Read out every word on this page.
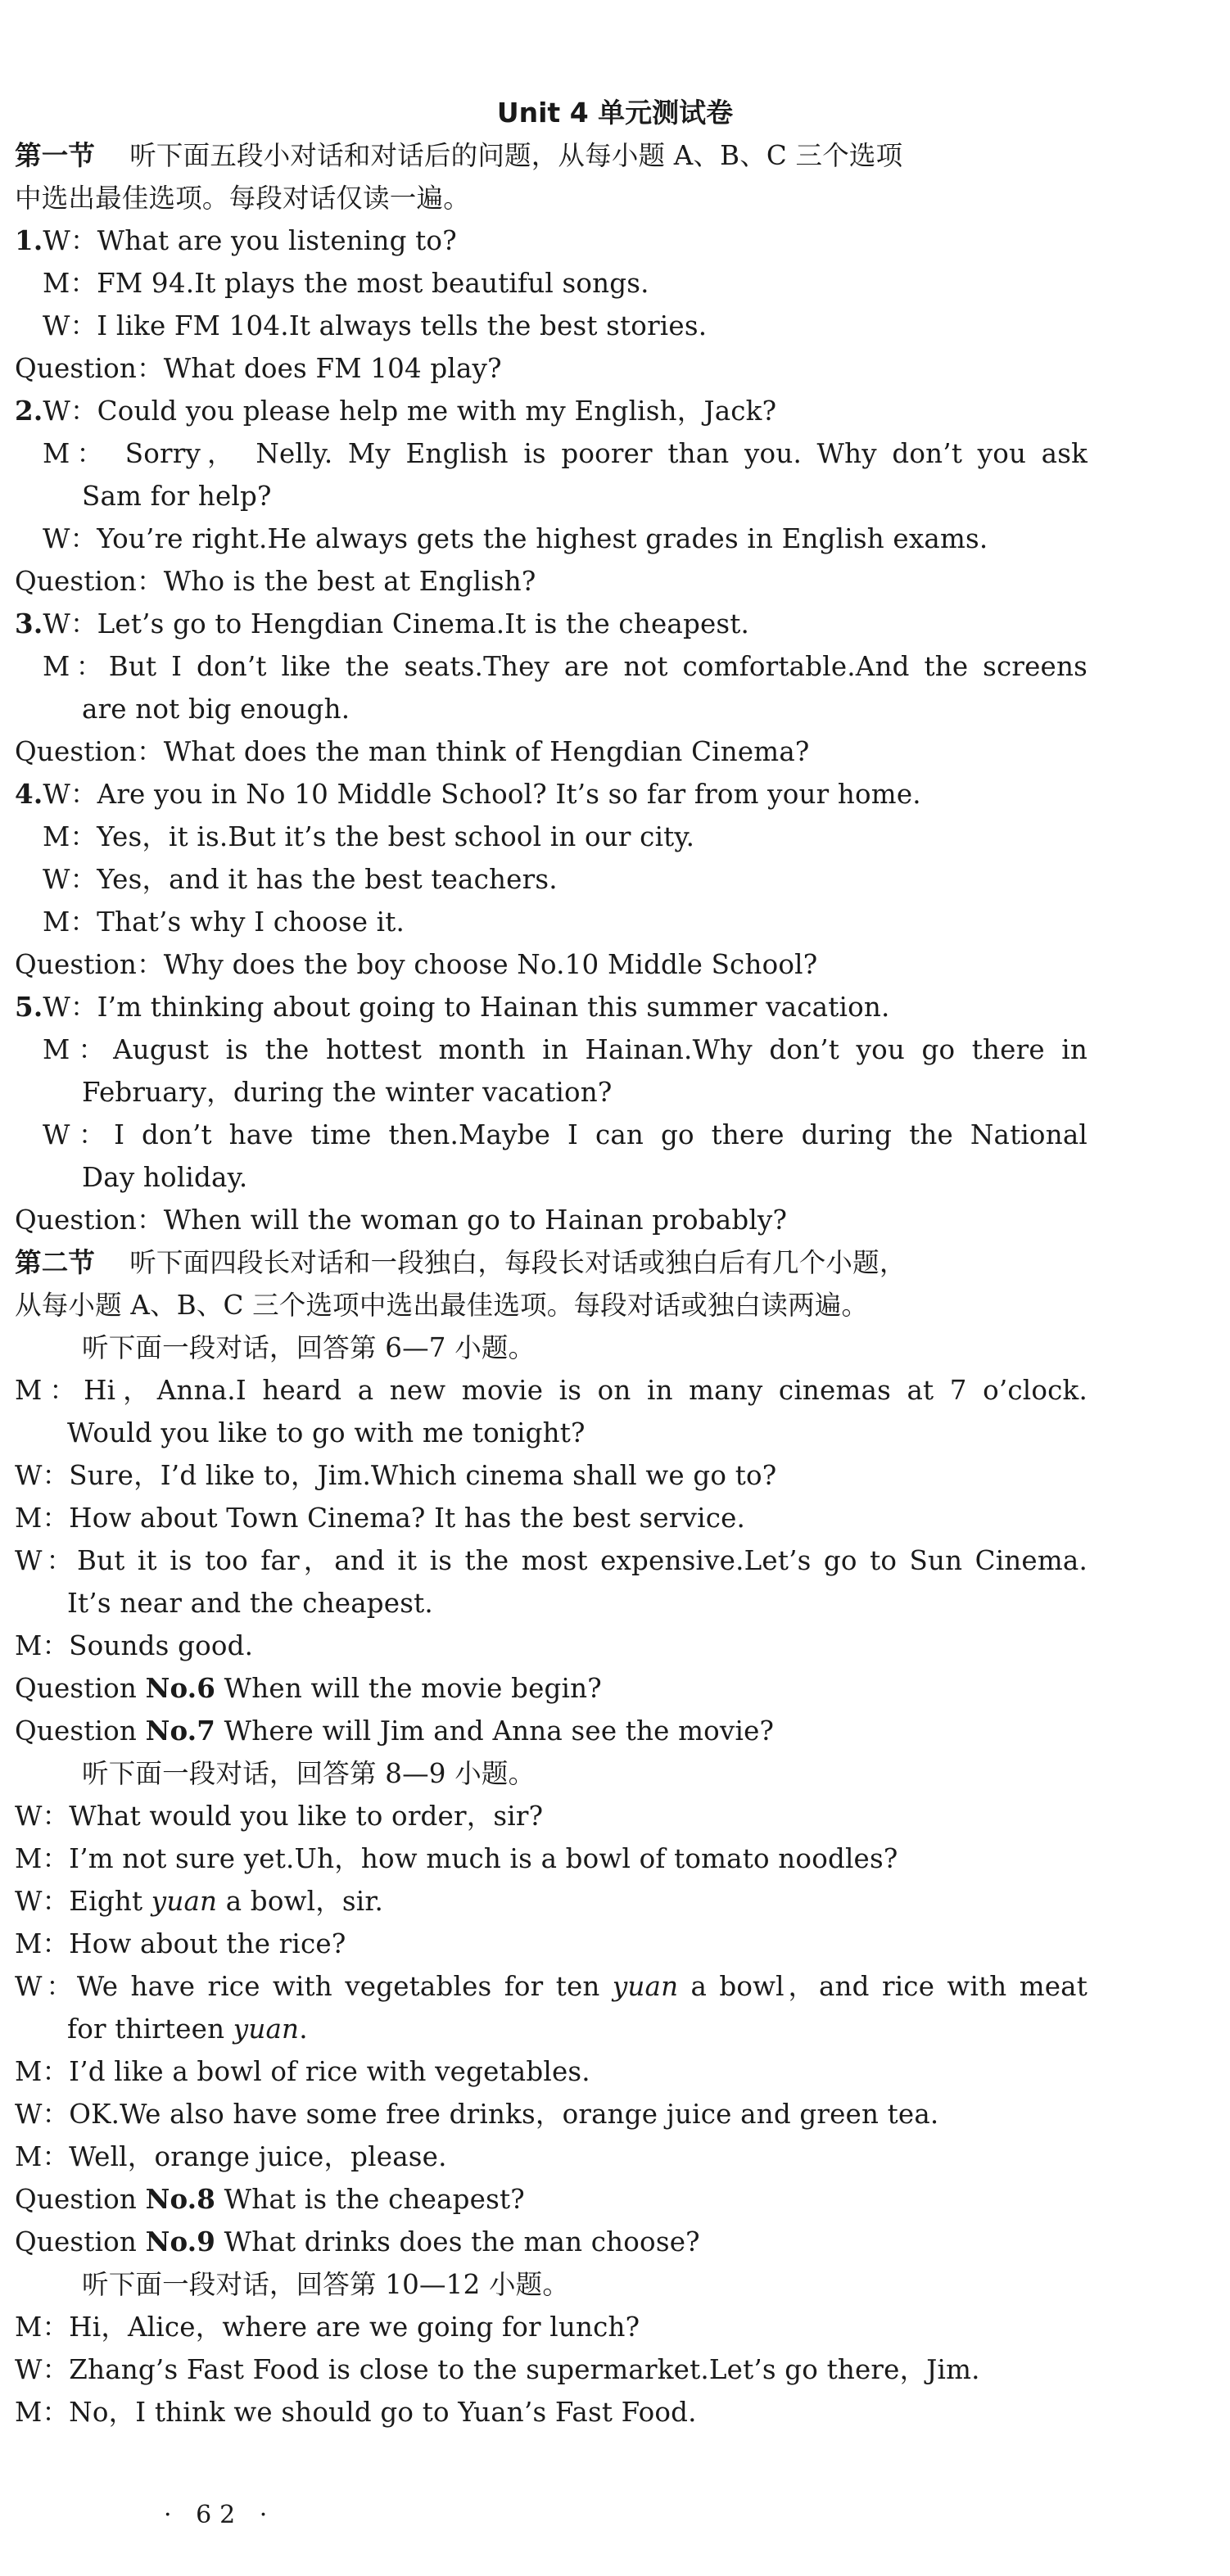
Unit 4 单元测试卷
第一节 听下面五段小对话和对话后的问题，从每小题 A、B、C 三个选项
中选出最佳选项。每段对话仅读一遍。
1.W：What are you listening to?
M：FM 94.It plays the most beautiful songs.
W：I like FM 104.It always tells the best stories.
Question：What does FM 104 play?
2.W：Could you please help me with my English，Jack?
M： Sorry， Nelly. My English is poorer than you. Why don’t you ask
Sam for help?
W：You’re right.He always gets the highest grades in English exams.
Question：Who is the best at English?
3.W：Let’s go to Hengdian Cinema.It is the cheapest.
M：But I don’t like the seats.They are not comfortable.And the screens
are not big enough.
Question：What does the man think of Hengdian Cinema?
4.W：Are you in No 10 Middle School? It’s so far from your home.
M：Yes，it is.But it’s the best school in our city.
W：Yes，and it has the best teachers.
M：That’s why I choose it.
Question：Why does the boy choose No.10 Middle School?
5.W：I’m thinking about going to Hainan this summer vacation.
M：August is the hottest month in Hainan.Why don’t you go there in
February，during the winter vacation?
W：I don’t have time then.Maybe I can go there during the National
Day holiday.
Question：When will the woman go to Hainan probably?
第二节 听下面四段长对话和一段独白，每段长对话或独白后有几个小题，
从每小题 A、B、C 三个选项中选出最佳选项。每段对话或独白读两遍。
听下面一段对话，回答第 6—7 小题。
M：Hi，Anna.I heard a new movie is on in many cinemas at 7 o’clock.
Would you like to go with me tonight?
W：Sure，I’d like to，Jim.Which cinema shall we go to?
M：How about Town Cinema? It has the best service.
W：But it is too far，and it is the most expensive.Let’s go to Sun Cinema.
It’s near and the cheapest.
M：Sounds good.
Question No.6 When will the movie begin?
Question No.7 Where will Jim and Anna see the movie?
听下面一段对话，回答第 8—9 小题。
W：What would you like to order，sir?
M：I’m not sure yet.Uh，how much is a bowl of tomato noodles?
W：Eight yuan a bowl，sir.
M：How about the rice?
W：We have rice with vegetables for ten yuan a bowl，and rice with meat
for thirteen yuan.
M：I’d like a bowl of rice with vegetables.
W：OK.We also have some free drinks，orange juice and green tea.
M：Well，orange juice，please.
Question No.8 What is the cheapest?
Question No.9 What drinks does the man choose?
听下面一段对话，回答第 10—12 小题。
M：Hi，Alice，where are we going for lunch?
W：Zhang’s Fast Food is close to the supermarket.Let’s go there，Jim.
M：No，I think we should go to Yuan’s Fast Food.
· 62 ·
